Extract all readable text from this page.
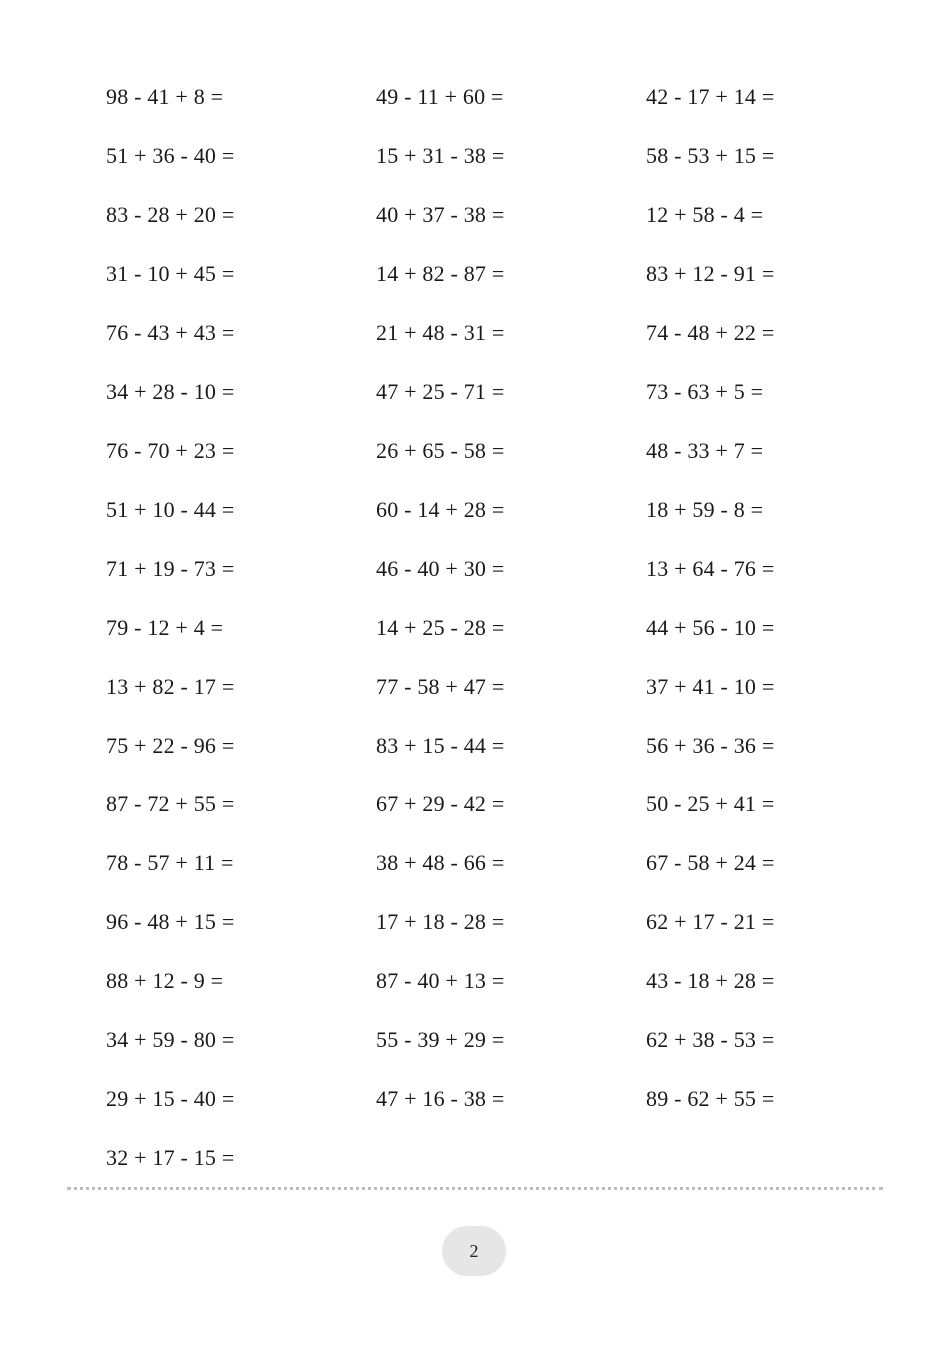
98 - 41 + 8 =
51 + 36 - 40 =
83 - 28 + 20 =
31 - 10 + 45 =
76 - 43 + 43 =
34 + 28 - 10 =
76 - 70 + 23 =
51 + 10 - 44 =
71 + 19 - 73 =
79 - 12 + 4 =
13 + 82 - 17 =
75 + 22 - 96 =
87 - 72 + 55 =
78 - 57 + 11 =
96 - 48 + 15 =
88 + 12 - 9 =
34 + 59 - 80 =
29 + 15 - 40 =
32 + 17 - 15 =
49 - 11 + 60 =
15 + 31 - 38 =
40 + 37 - 38 =
14 + 82 - 87 =
21 + 48 - 31 =
47 + 25 - 71 =
26 + 65 - 58 =
60 - 14 + 28 =
46 - 40 + 30 =
14 + 25 - 28 =
77 - 58 + 47 =
83 + 15 - 44 =
67 + 29 - 42 =
38 + 48 - 66 =
17 + 18 - 28 =
87 - 40 + 13 =
55 - 39 + 29 =
47 + 16 - 38 =
42 - 17 + 14 =
58 - 53 + 15 =
12 + 58 - 4 =
83 + 12 - 91 =
74 - 48 + 22 =
73 - 63 + 5 =
48 - 33 + 7 =
18 + 59 - 8 =
13 + 64 - 76 =
44 + 56 - 10 =
37 + 41 - 10 =
56 + 36 - 36 =
50 - 25 + 41 =
67 - 58 + 24 =
62 + 17 - 21 =
43 - 18 + 28 =
62 + 38 - 53 =
89 - 62 + 55 =
2
